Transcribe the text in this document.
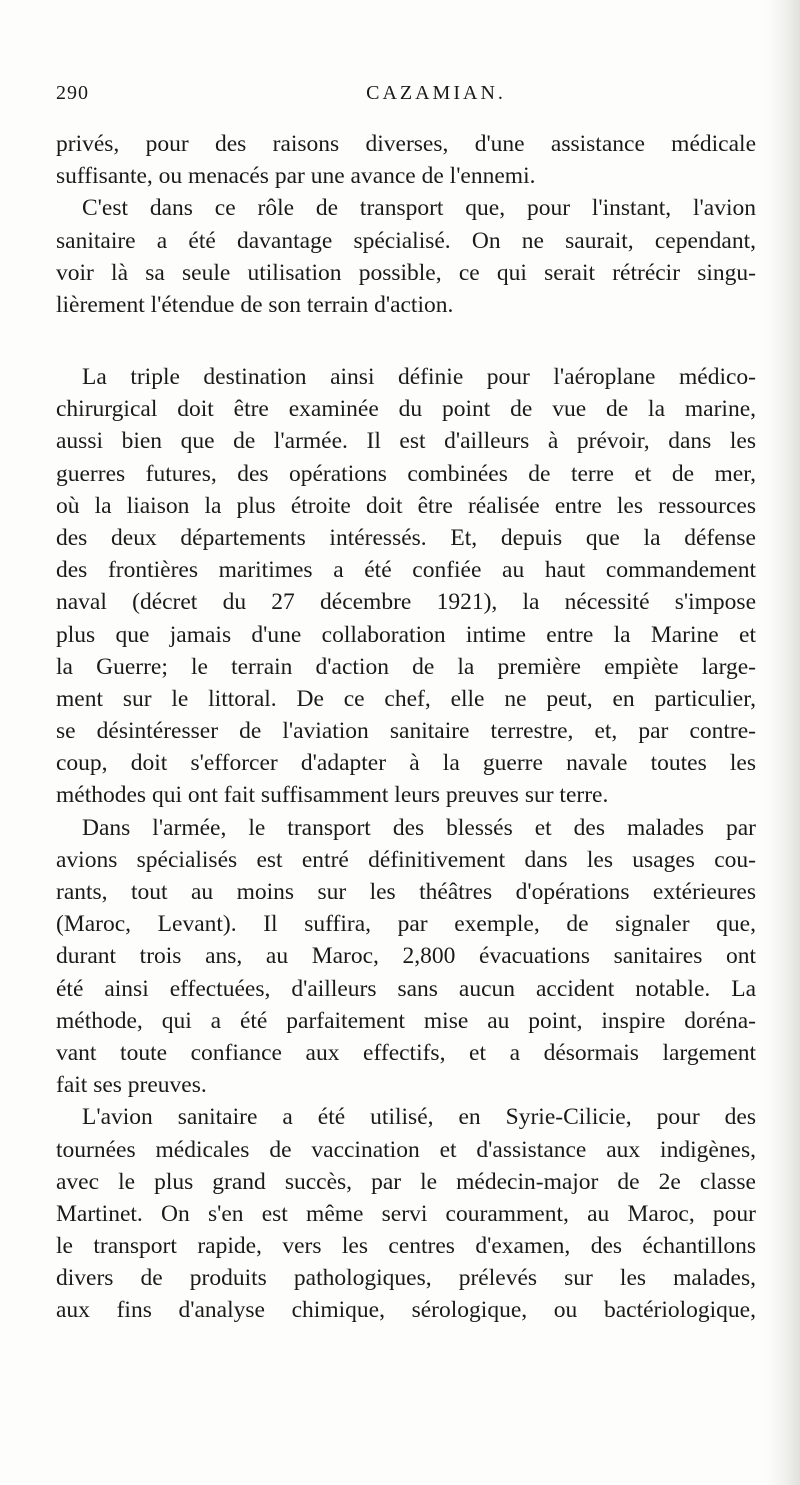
290	CAZAMIAN.
privés, pour des raisons diverses, d'une assistance médicale
suffisante, ou menacés par une avance de l'ennemi.
C'est dans ce rôle de transport que, pour l'instant, l'avion
sanitaire a été davantage spécialisé. On ne saurait, cependant,
voir là sa seule utilisation possible, ce qui serait rétrécir singu-
lièrement l'étendue de son terrain d'action.
La triple destination ainsi définie pour l'aéroplane médico-
chirurgical doit être examinée du point de vue de la marine,
aussi bien que de l'armée. Il est d'ailleurs à prévoir, dans les
guerres futures, des opérations combinées de terre et de mer,
où la liaison la plus étroite doit être réalisée entre les ressources
des deux départements intéressés. Et, depuis que la défense
des frontières maritimes a été confiée au haut commandement
naval (décret du 27 décembre 1921), la nécessité s'impose
plus que jamais d'une collaboration intime entre la Marine et
la Guerre; le terrain d'action de la première empiète large-
ment sur le littoral. De ce chef, elle ne peut, en particulier,
se désintéresser de l'aviation sanitaire terrestre, et, par contre-
coup, doit s'efforcer d'adapter à la guerre navale toutes les
méthodes qui ont fait suffisamment leurs preuves sur terre.
Dans l'armée, le transport des blessés et des malades par
avions spécialisés est entré définitivement dans les usages cou-
rants, tout au moins sur les théâtres d'opérations extérieures
(Maroc, Levant). Il suffira, par exemple, de signaler que,
durant trois ans, au Maroc, 2,800 évacuations sanitaires ont
été ainsi effectuées, d'ailleurs sans aucun accident notable. La
méthode, qui a été parfaitement mise au point, inspire doréna-
vant toute confiance aux effectifs, et a désormais largement
fait ses preuves.
L'avion sanitaire a été utilisé, en Syrie-Cilicie, pour des
tournées médicales de vaccination et d'assistance aux indigènes,
avec le plus grand succès, par le médecin-major de 2e classe
Martinet. On s'en est même servi couramment, au Maroc, pour
le transport rapide, vers les centres d'examen, des échantillons
divers de produits pathologiques, prélevés sur les malades,
aux fins d'analyse chimique, sérologique, ou bactériologique,
